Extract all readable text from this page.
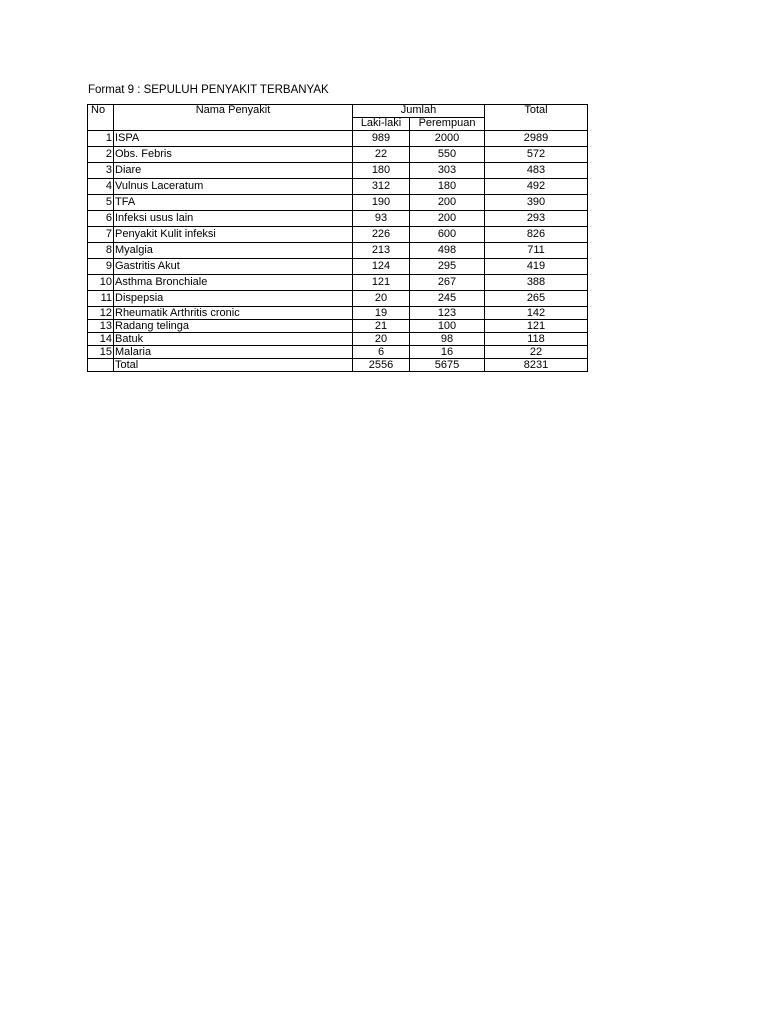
Format 9 : SEPULUH PENYAKIT TERBANYAK
No	Nama Penyakit	Jumlah		Total
		Laki-laki	Perempuan	
1	ISPA	989	2000	2989
2	Obs. Febris	22	550	572
3	Diare	180	303	483
4	Vulnus Laceratum	312	180	492
5	TFA	190	200	390
6	Infeksi usus lain	93	200	293
7	Penyakit Kulit infeksi	226	600	826
8	Myalgia	213	498	711
9	Gastritis Akut	124	295	419
10	Asthma Bronchiale	121	267	388
11	Dispepsia	20	245	265
12	Rheumatik Arthritis cronic	19	123	142
13	Radang telinga	21	100	121
14	Batuk	20	98	118
15	Malaria	6	16	22
	Total	2556	5675	8231
